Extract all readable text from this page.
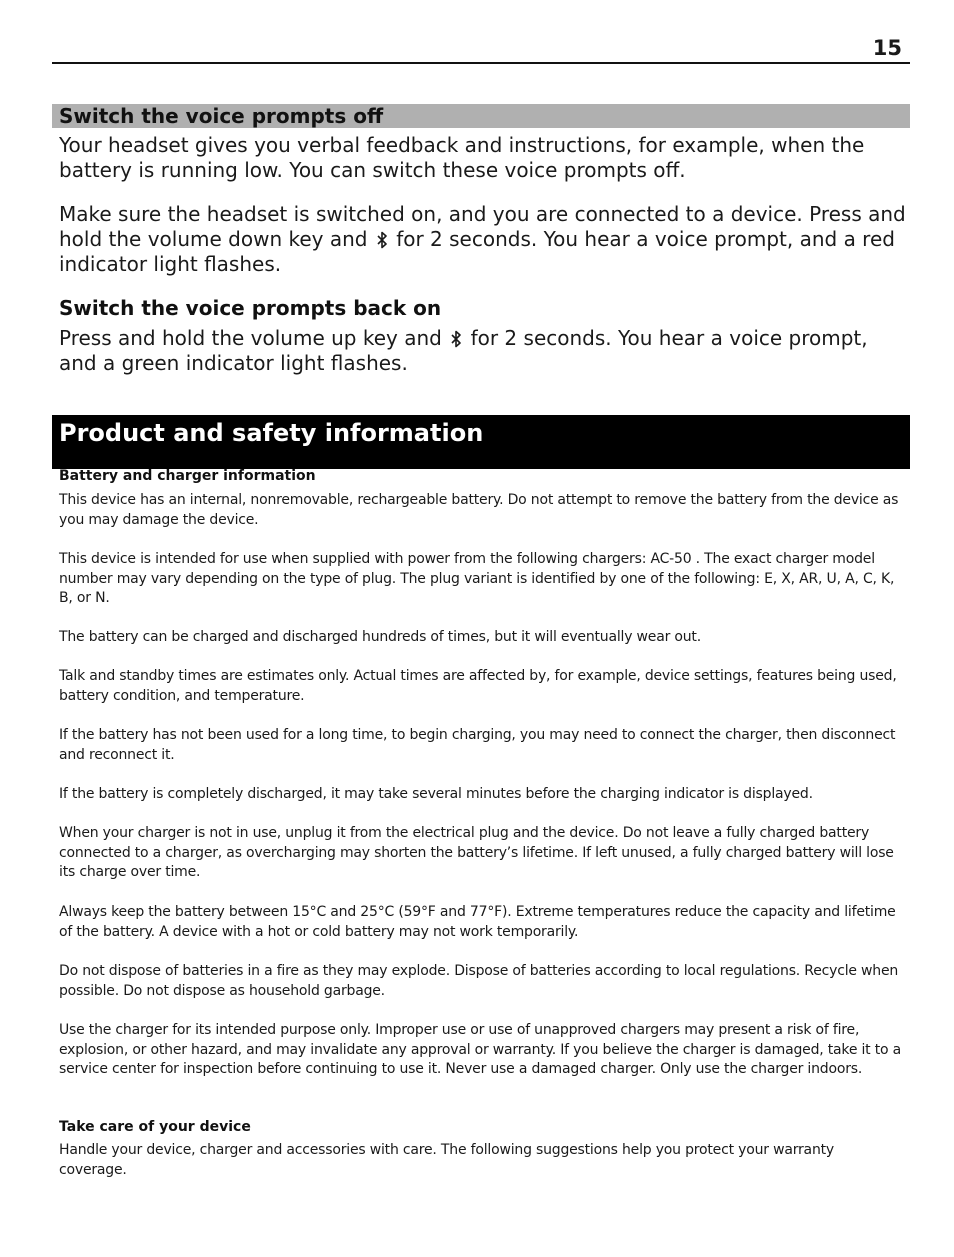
15
Switch the voice prompts off

Your headset gives you verbal feedback and instructions, for example, when the battery is running low. You can switch these voice prompts off.

Make sure the headset is switched on, and you are connected to a device. Press and hold the volume down key and for 2 seconds. You hear a voice prompt, and a red indicator light flashes.

Switch the voice prompts back on

Press and hold the volume up key and for 2 seconds. You hear a voice prompt, and a green indicator light flashes.

Product and safety information
Battery and charger information

This device has an internal, nonremovable, rechargeable battery. Do not attempt to remove the battery from the device as you may damage the device.

This device is intended for use when supplied with power from the following chargers: AC-50 . The exact charger model number may vary depending on the type of plug. The plug variant is identified by one of the following: E, X, AR, U, A, C, K, B, or N.

The battery can be charged and discharged hundreds of times, but it will eventually wear out.

Talk and standby times are estimates only. Actual times are affected by, for example, device settings, features being used, battery condition, and temperature.

If the battery has not been used for a long time, to begin charging, you may need to connect the charger, then disconnect and reconnect it.

If the battery is completely discharged, it may take several minutes before the charging indicator is displayed.

When your charger is not in use, unplug it from the electrical plug and the device. Do not leave a fully charged battery connected to a charger, as overcharging may shorten the battery’s lifetime. If left unused, a fully charged battery will lose its charge over time.

Always keep the battery between 15°C and 25°C (59°F and 77°F). Extreme temperatures reduce the capacity and lifetime of the battery. A device with a hot or cold battery may not work temporarily.

Do not dispose of batteries in a fire as they may explode. Dispose of batteries according to local regulations. Recycle when possible. Do not dispose as household garbage.

Use the charger for its intended purpose only. Improper use or use of unapproved chargers may present a risk of fire, explosion, or other hazard, and may invalidate any approval or warranty. If you believe the charger is damaged, take it to a service center for inspection before continuing to use it. Never use a damaged charger. Only use the charger indoors.

Take care of your device

Handle your device, charger and accessories with care. The following suggestions help you protect your warranty coverage.
